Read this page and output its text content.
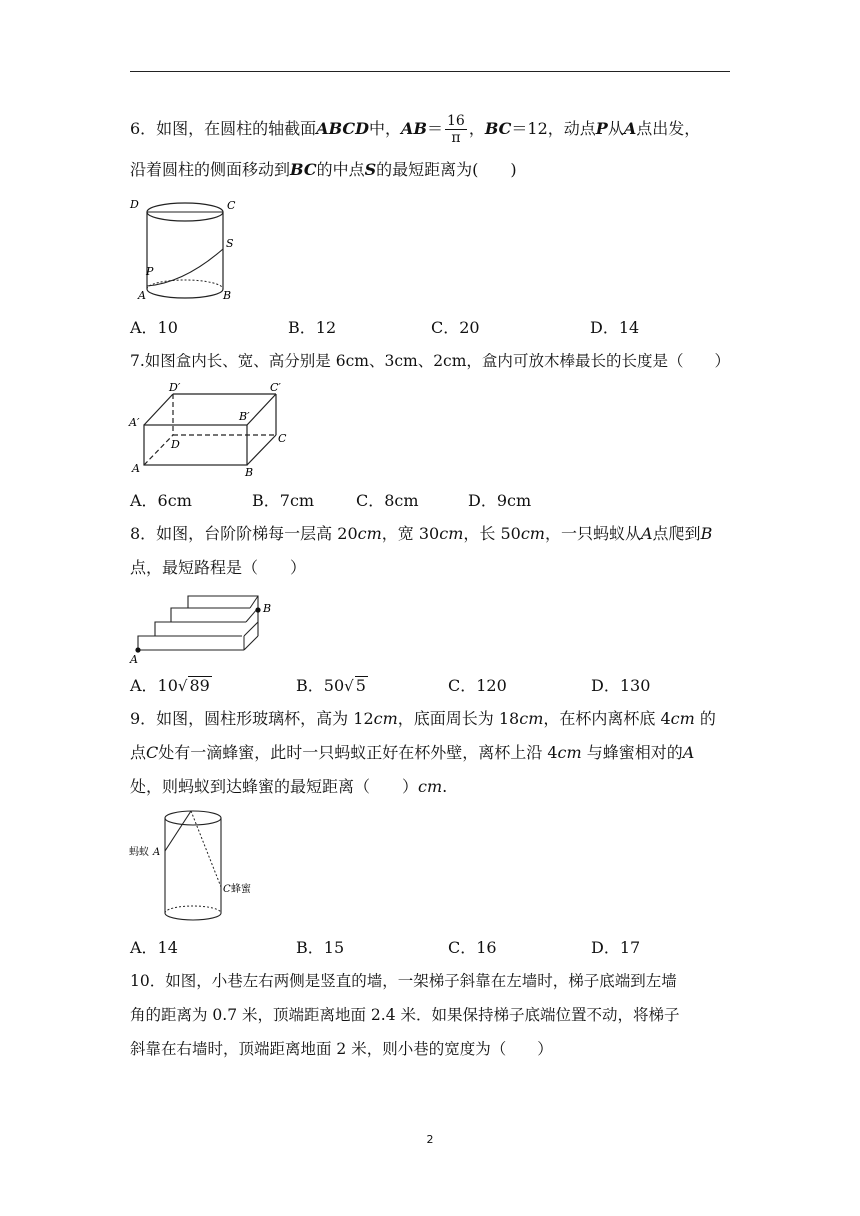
6．如图，在圆柱的轴截面ABCD中，$AB= \frac{16}{\pi}$ ，BC＝12，动点P从A点出发，
沿着圆柱的侧面移动到BC的中点S的最短距离为(　　)
D	C
S
P
A	B
A．10	B．12	C．20	D．14
7.如图盒内长、宽、高分别是 6cm、3cm、2cm，盒内可放木棒最长的长度是（　　）
D′	C′
A′	B′
D	C
A	B
A．6cm	B．7cm	C．8cm	D．9cm
8．如图，台阶阶梯每一层高 20cm，宽 30cm，长 50cm，一只蚂蚁从A点爬到B
点，最短路程是（　　）
A
B
A．10√ 89	B．50√ 5	C．120	D．130
9．如图，圆柱形玻璃杯，高为 12cm，底面周长为 18cm，在杯内离杯底 4cm 的
点C处有一滴蜂蜜，此时一只蚂蚁正好在杯外壁，离杯上沿 4cm 与蜂蜜相对的A
处，则蚂蚁到达蜂蜜的最短距离（　　）cm.
蚂蚁 A
C 蜂蜜
A．14	B．15	C．16	D．17
10．如图，小巷左右两侧是竖直的墙，一架梯子斜靠在左墙时，梯子底端到左墙
角的距离为 0.7 米，顶端距离地面 2.4 米．如果保持梯子底端位置不动，将梯子
斜靠在右墙时，顶端距离地面 2 米，则小巷的宽度为（　　）
2
